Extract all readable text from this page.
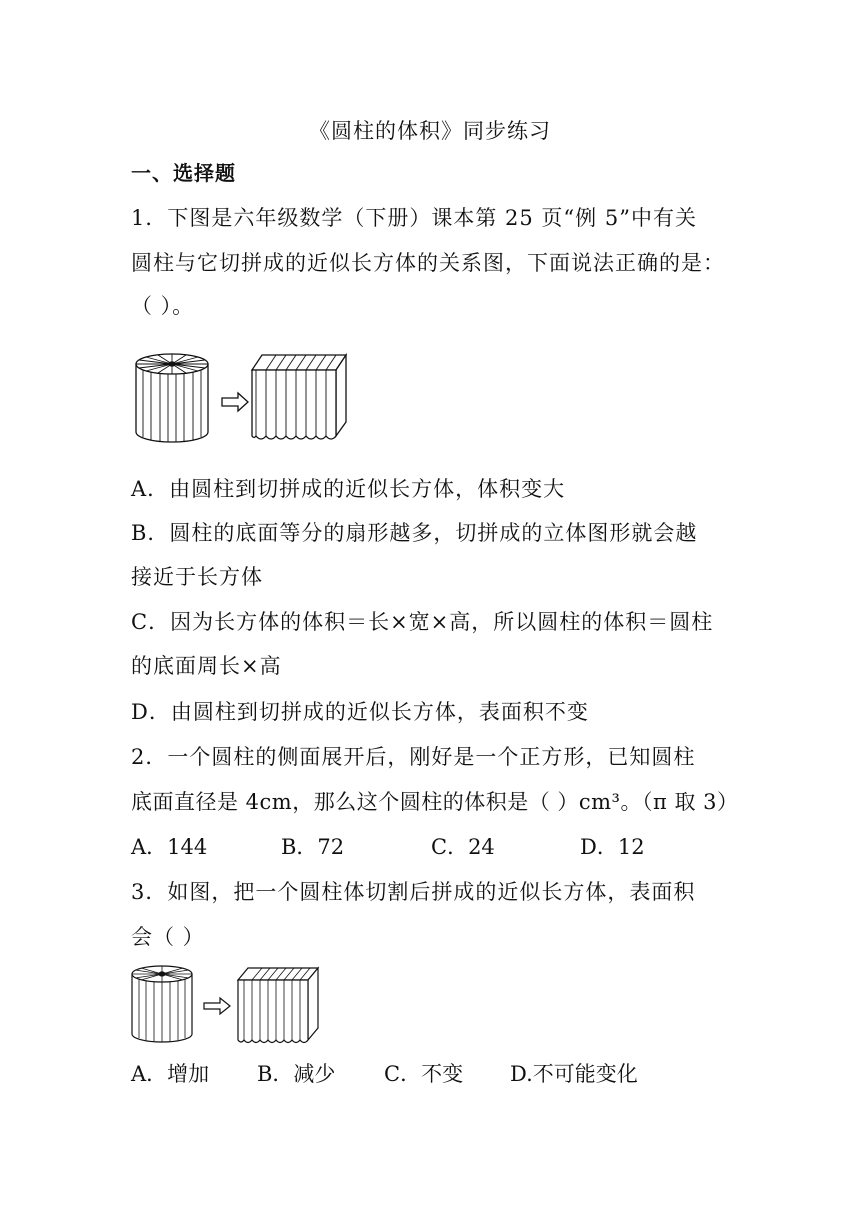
《圆柱的体积》同步练习
一、选择题
1．下图是六年级数学（下册）课本第 25 页“例 5”中有关
圆柱与它切拼成的近似长方体的关系图，下面说法正确的是：
（ ）。
A．由圆柱到切拼成的近似长方体，体积变大
B．圆柱的底面等分的扇形越多，切拼成的立体图形就会越
接近于长方体
C．因为长方体的体积＝长×宽×高，所以圆柱的体积＝圆柱
的底面周长×高
D．由圆柱到切拼成的近似长方体，表面积不变
2．一个圆柱的侧面展开后，刚好是一个正方形，已知圆柱
底面直径是 4cm，那么这个圆柱的体积是（ ）cm³。（π 取 3）
A．144	B．72	C．24	D．12
3．如图，把一个圆柱体切割后拼成的近似长方体，表面积
会（ ）
A．增加 B．减少 C．不变 D.不可能变化
